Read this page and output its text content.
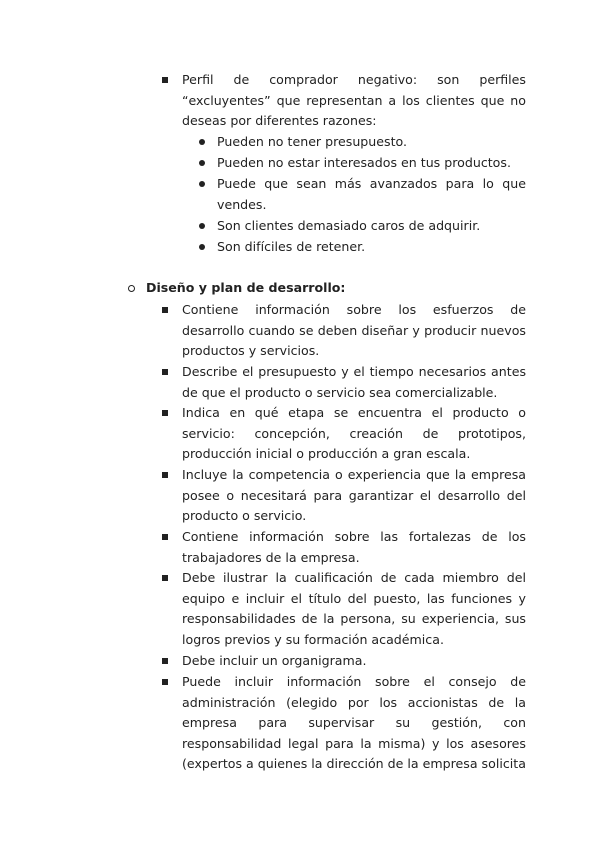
Perfil de comprador negativo: son perfiles “excluyentes” que representan a los clientes que no deseas por diferentes razones:
Pueden no tener presupuesto.
Pueden no estar interesados en tus productos.
Puede que sean más avanzados para lo que vendes.
Son clientes demasiado caros de adquirir.
Son difíciles de retener.
Diseño y plan de desarrollo:
Contiene información sobre los esfuerzos de desarrollo cuando se deben diseñar y producir nuevos productos y servicios.
Describe el presupuesto y el tiempo necesarios antes de que el producto o servicio sea comercializable.
Indica en qué etapa se encuentra el producto o servicio: concepción, creación de prototipos, producción inicial o producción a gran escala.
Incluye la competencia o experiencia que la empresa posee o necesitará para garantizar el desarrollo del producto o servicio.
Contiene información sobre las fortalezas de los trabajadores de la empresa.
Debe ilustrar la cualificación de cada miembro del equipo e incluir el título del puesto, las funciones y responsabilidades de la persona, su experiencia, sus logros previos y su formación académica.
Debe incluir un organigrama.
Puede incluir información sobre el consejo de administración (elegido por los accionistas de la empresa para supervisar su gestión, con responsabilidad legal para la misma) y los asesores (expertos a quienes la dirección de la empresa solicita
